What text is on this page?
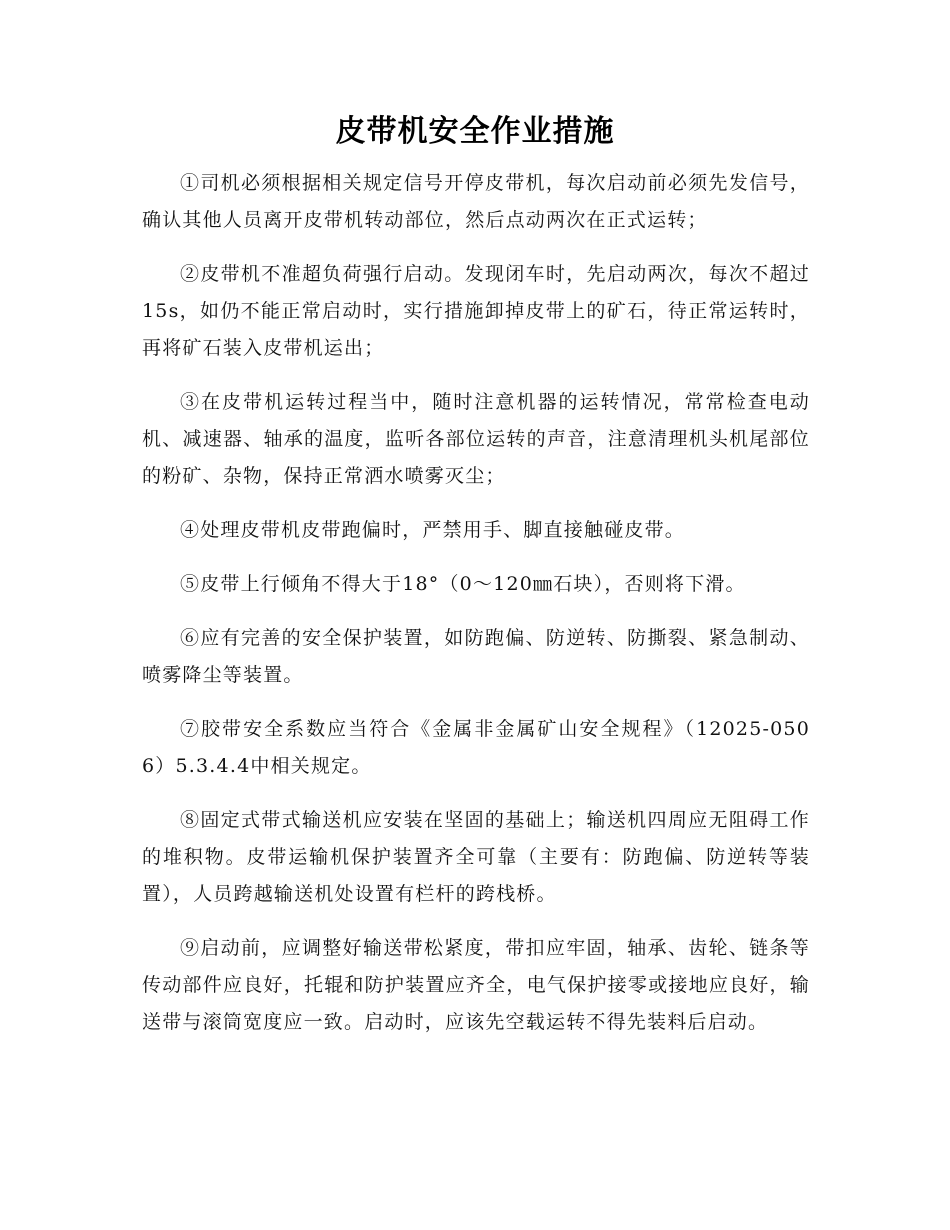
皮带机安全作业措施

①司机必须根据相关规定信号开停皮带机，每次启动前必须先发信号，确认其他人员离开皮带机转动部位，然后点动两次在正式运转；

②皮带机不准超负荷强行启动。发现闭车时，先启动两次，每次不超过15s，如仍不能正常启动时，实行措施卸掉皮带上的矿石，待正常运转时，再将矿石装入皮带机运出；

③在皮带机运转过程当中，随时注意机器的运转情况，常常检查电动机、减速器、轴承的温度，监听各部位运转的声音，注意清理机头机尾部位的粉矿、杂物，保持正常洒水喷雾灭尘；

④处理皮带机皮带跑偏时，严禁用手、脚直接触碰皮带。

⑤皮带上行倾角不得大于18°（0～120㎜石块），否则将下滑。

⑥应有完善的安全保护装置，如防跑偏、防逆转、防撕裂、紧急制动、喷雾降尘等装置。

⑦胶带安全系数应当符合《金属非金属矿山安全规程》（12025-0506）5.3.4.4中相关规定。

⑧固定式带式输送机应安装在坚固的基础上；输送机四周应无阻碍工作的堆积物。皮带运输机保护装置齐全可靠（主要有：防跑偏、防逆转等装置），人员跨越输送机处设置有栏杆的跨栈桥。

⑨启动前，应调整好输送带松紧度，带扣应牢固，轴承、齿轮、链条等传动部件应良好，托辊和防护装置应齐全，电气保护接零或接地应良好，输送带与滚筒宽度应一致。启动时，应该先空载运转不得先装料后启动。
